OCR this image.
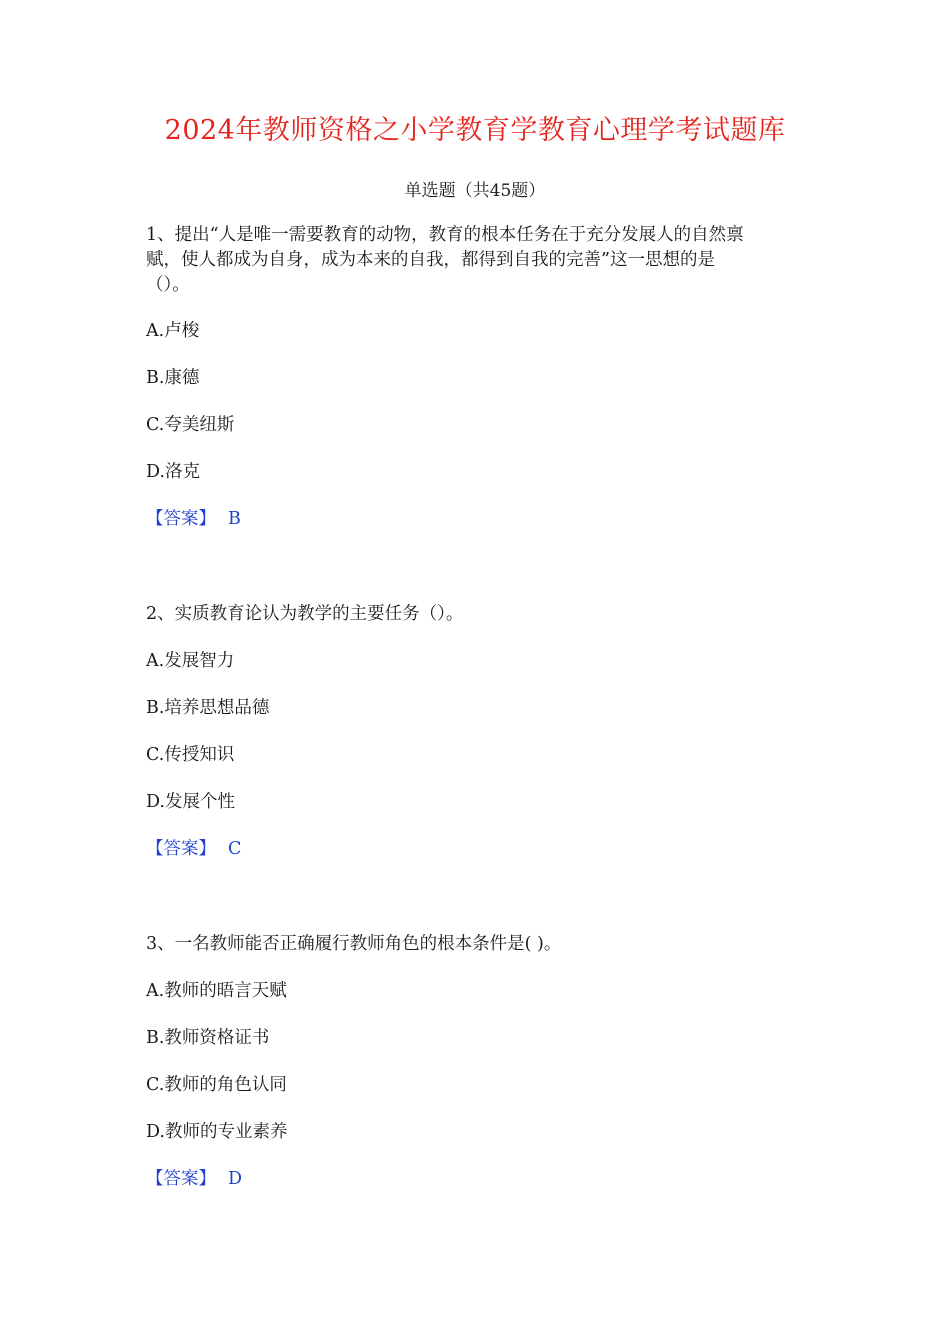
2024年教师资格之小学教育学教育心理学考试题库
单选题（共45题）
1、提出“人是唯一需要教育的动物，教育的根本任务在于充分发展人的自然禀
赋，使人都成为自身，成为本来的自我，都得到自我的完善”这一思想的是
（）。
A.卢梭
B.康德
C.夸美纽斯
D.洛克
【答案】 B
2、实质教育论认为教学的主要任务（）。
A.发展智力
B.培养思想品德
C.传授知识
D.发展个性
【答案】 C
3、一名教师能否正确履行教师角色的根本条件是( )。
A.教师的晤言天赋
B.教师资格证书
C.教师的角色认同
D.教师的专业素养
【答案】 D
